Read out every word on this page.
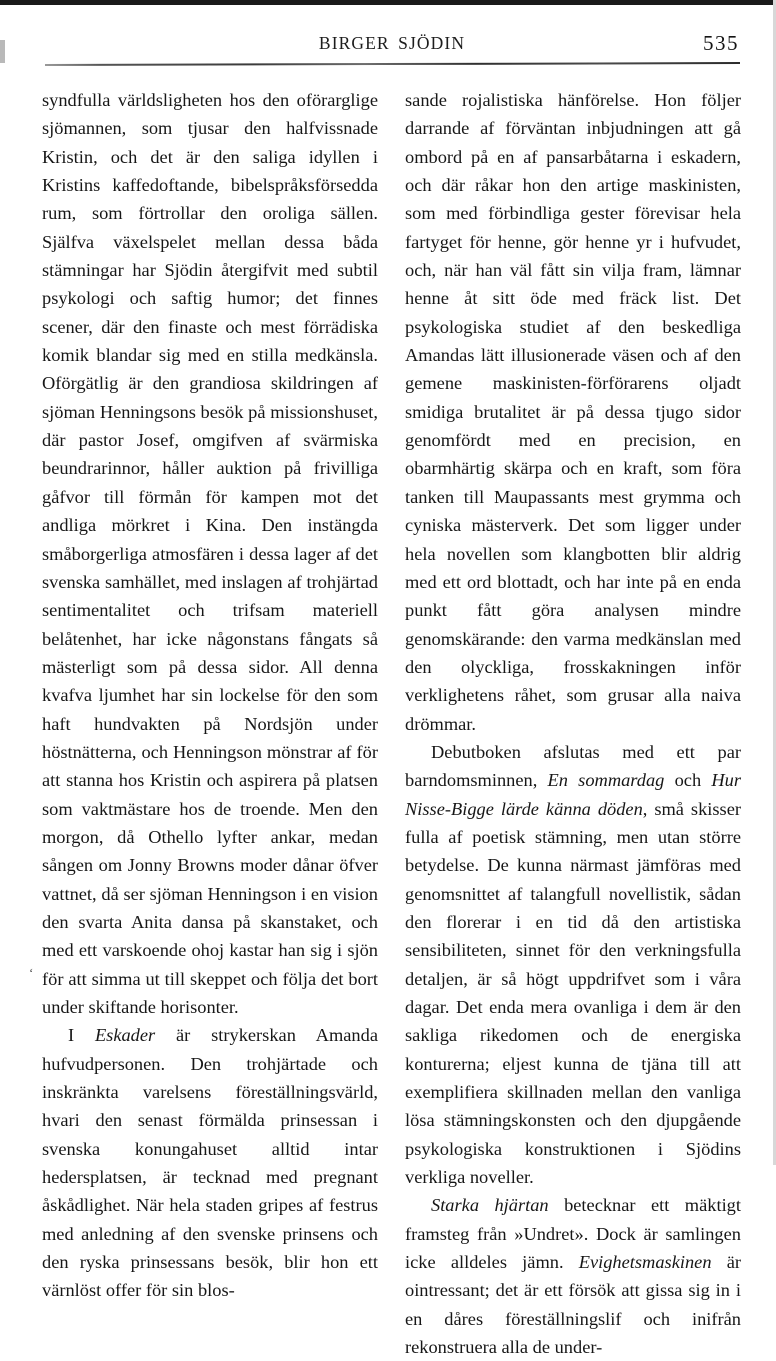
BIRGER SJÖDIN	535

syndfulla världsligheten hos den oförarglige sjömannen, som tjusar den halfvissnade Kristin, och det är den saliga idyllen i Kristins kaffedoftande, bibelspråksförsedda rum, som förtrollar den oroliga sällen. Själfva växelspelet mellan dessa båda stämningar har Sjödin återgifvit med subtil psykologi och saftig humor; det finnes scener, där den finaste och mest förrädiska komik blandar sig med en stilla medkänsla. Oförgätlig är den grandiosa skildringen af sjöman Henningsons besök på missionshuset, där pastor Josef, omgifven af svärmiska beundrarinnor, håller auktion på frivilliga gåfvor till förmån för kampen mot det andliga mörkret i Kina. Den instängda småborgerliga atmosfären i dessa lager af det svenska samhället, med inslagen af trohjärtad sentimentalitet och trifsam materiell belåtenhet, har icke någonstans fångats så mästerligt som på dessa sidor. All denna kvafva ljumhet har sin lockelse för den som haft hundvakten på Nordsjön under höstnätterna, och Henningson mönstrar af för att stanna hos Kristin och aspirera på platsen som vaktmästare hos de troende. Men den morgon, då Othello lyfter ankar, medan sången om Jonny Browns moder dånar öfver vattnet, då ser sjöman Henningson i en vision den svarta Anita dansa på skanstaket, och med ett varskoende ohoj kastar han sig i sjön för att simma ut till skeppet och följa det bort under skiftande horisonter.

I Eskader är strykerskan Amanda hufvudpersonen. Den trohjärtade och inskränkta varelsens föreställningsvärld, hvari den senast förmälda prinsessan i svenska konungahuset alltid intar hedersplatsen, är tecknad med pregnant åskådlighet. När hela staden gripes af festrus med anledning af den svenske prinsens och den ryska prinsessans besök, blir hon ett värnlöst offer för sin blos-

sande rojalistiska hänförelse. Hon följer darrande af förväntan inbjudningen att gå ombord på en af pansarbåtarna i eskadern, och där råkar hon den artige maskinisten, som med förbindliga gester förevisar hela fartyget för henne, gör henne yr i hufvudet, och, när han väl fått sin vilja fram, lämnar henne åt sitt öde med fräck list. Det psykologiska studiet af den beskedliga Amandas lätt illusionerade väsen och af den gemene maskinisten-förförarens oljadt smidiga brutalitet är på dessa tjugo sidor genomfördt med en precision, en obarmhärtig skärpa och en kraft, som föra tanken till Maupassants mest grymma och cyniska mästerverk. Det som ligger under hela novellen som klangbotten blir aldrig med ett ord blottadt, och har inte på en enda punkt fått göra analysen mindre genomskärande: den varma medkänslan med den olyckliga, frosskakningen inför verklighetens råhet, som grusar alla naiva drömmar.

Debutboken afslutas med ett par barndomsminnen, En sommardag och Hur Nisse-Bigge lärde känna döden, små skisser fulla af poetisk stämning, men utan större betydelse. De kunna närmast jämföras med genomsnittet af talangfull novellistik, sådan den florerar i en tid då den artistiska sensibiliteten, sinnet för den verkningsfulla detaljen, är så högt uppdrifvet som i våra dagar. Det enda mera ovanliga i dem är den sakliga rikedomen och de energiska konturerna; eljest kunna de tjäna till att exemplifiera skillnaden mellan den vanliga lösa stämningskonsten och den djupgående psykologiska konstruktionen i Sjödins verkliga noveller.

Starka hjärtan betecknar ett mäktigt framsteg från »Undret». Dock är samlingen icke alldeles jämn. Evighetsmaskinen är ointressant; det är ett försök att gissa sig in i en dåres föreställningslif och inifrån rekonstruera alla de under-

‘
